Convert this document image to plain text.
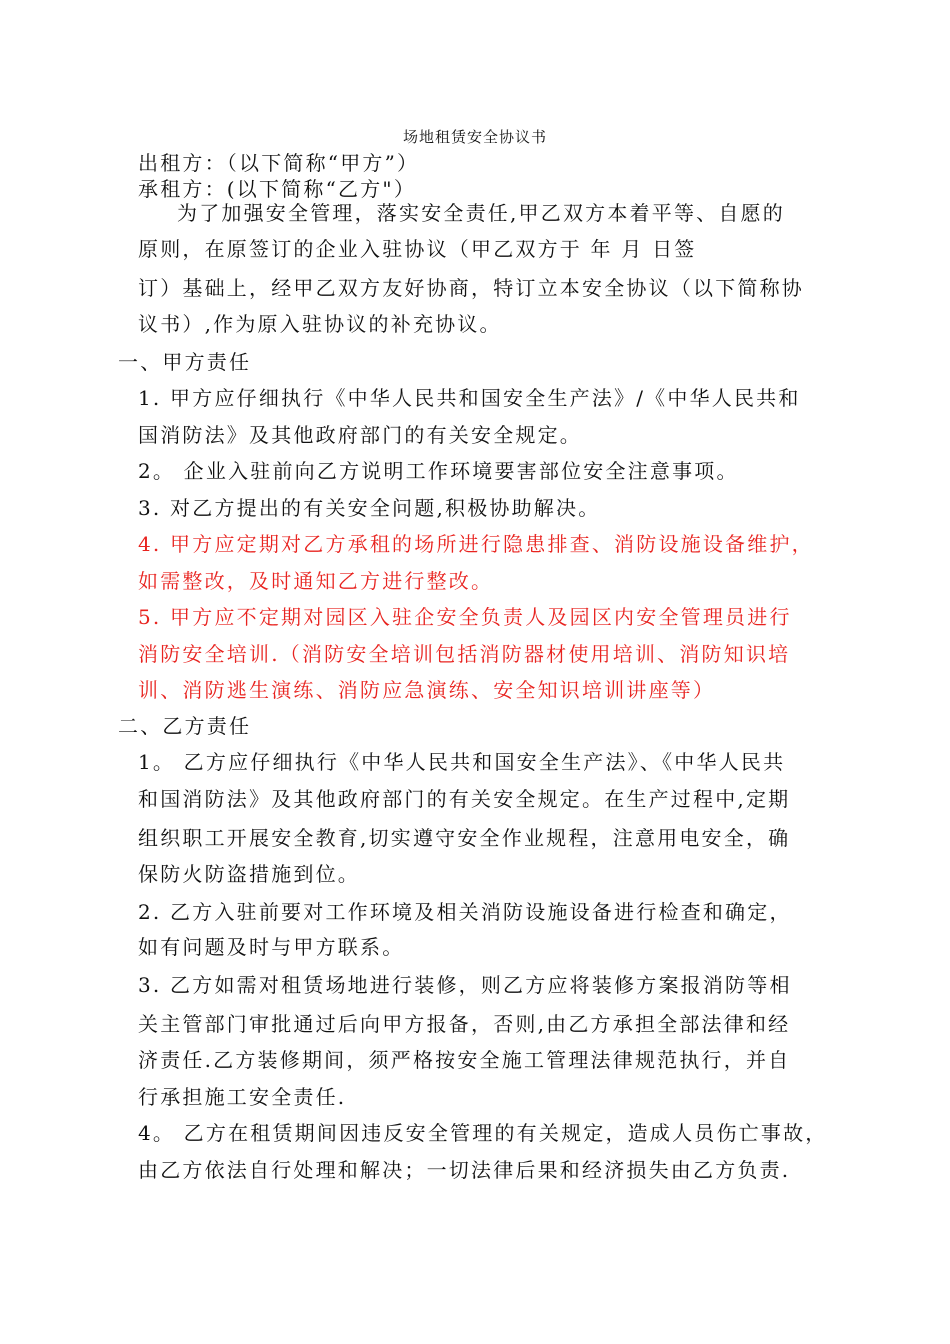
场地租赁安全协议书
出租方：（以下简称“甲方”）
承租方：(以下简称“乙方"）
为了加强安全管理，落实安全责任,甲乙双方本着平等、自愿的
原则，在原签订的企业入驻协议（甲乙双方于 年 月 日签
订）基础上，经甲乙双方友好协商，特订立本安全协议（以下简称协
议书）,作为原入驻协议的补充协议。
一、甲方责任
1. 甲方应仔细执行《中华人民共和国安全生产法》/《中华人民共和
国消防法》及其他政府部门的有关安全规定。
2。 企业入驻前向乙方说明工作环境要害部位安全注意事项。
3. 对乙方提出的有关安全问题,积极协助解决。
4. 甲方应定期对乙方承租的场所进行隐患排查、消防设施设备维护，
如需整改，及时通知乙方进行整改。
5. 甲方应不定期对园区入驻企安全负责人及园区内安全管理员进行
消防安全培训.（消防安全培训包括消防器材使用培训、消防知识培
训、消防逃生演练、消防应急演练、安全知识培训讲座等）
二、乙方责任
1。 乙方应仔细执行《中华人民共和国安全生产法》、《中华人民共
和国消防法》及其他政府部门的有关安全规定。在生产过程中,定期
组织职工开展安全教育,切实遵守安全作业规程，注意用电安全，确
保防火防盗措施到位。
2. 乙方入驻前要对工作环境及相关消防设施设备进行检查和确定，
如有问题及时与甲方联系。
3. 乙方如需对租赁场地进行装修，则乙方应将装修方案报消防等相
关主管部门审批通过后向甲方报备，否则,由乙方承担全部法律和经
济责任.乙方装修期间，须严格按安全施工管理法律规范执行，并自
行承担施工安全责任.
4。 乙方在租赁期间因违反安全管理的有关规定，造成人员伤亡事故，
由乙方依法自行处理和解决；一切法律后果和经济损失由乙方负责.
